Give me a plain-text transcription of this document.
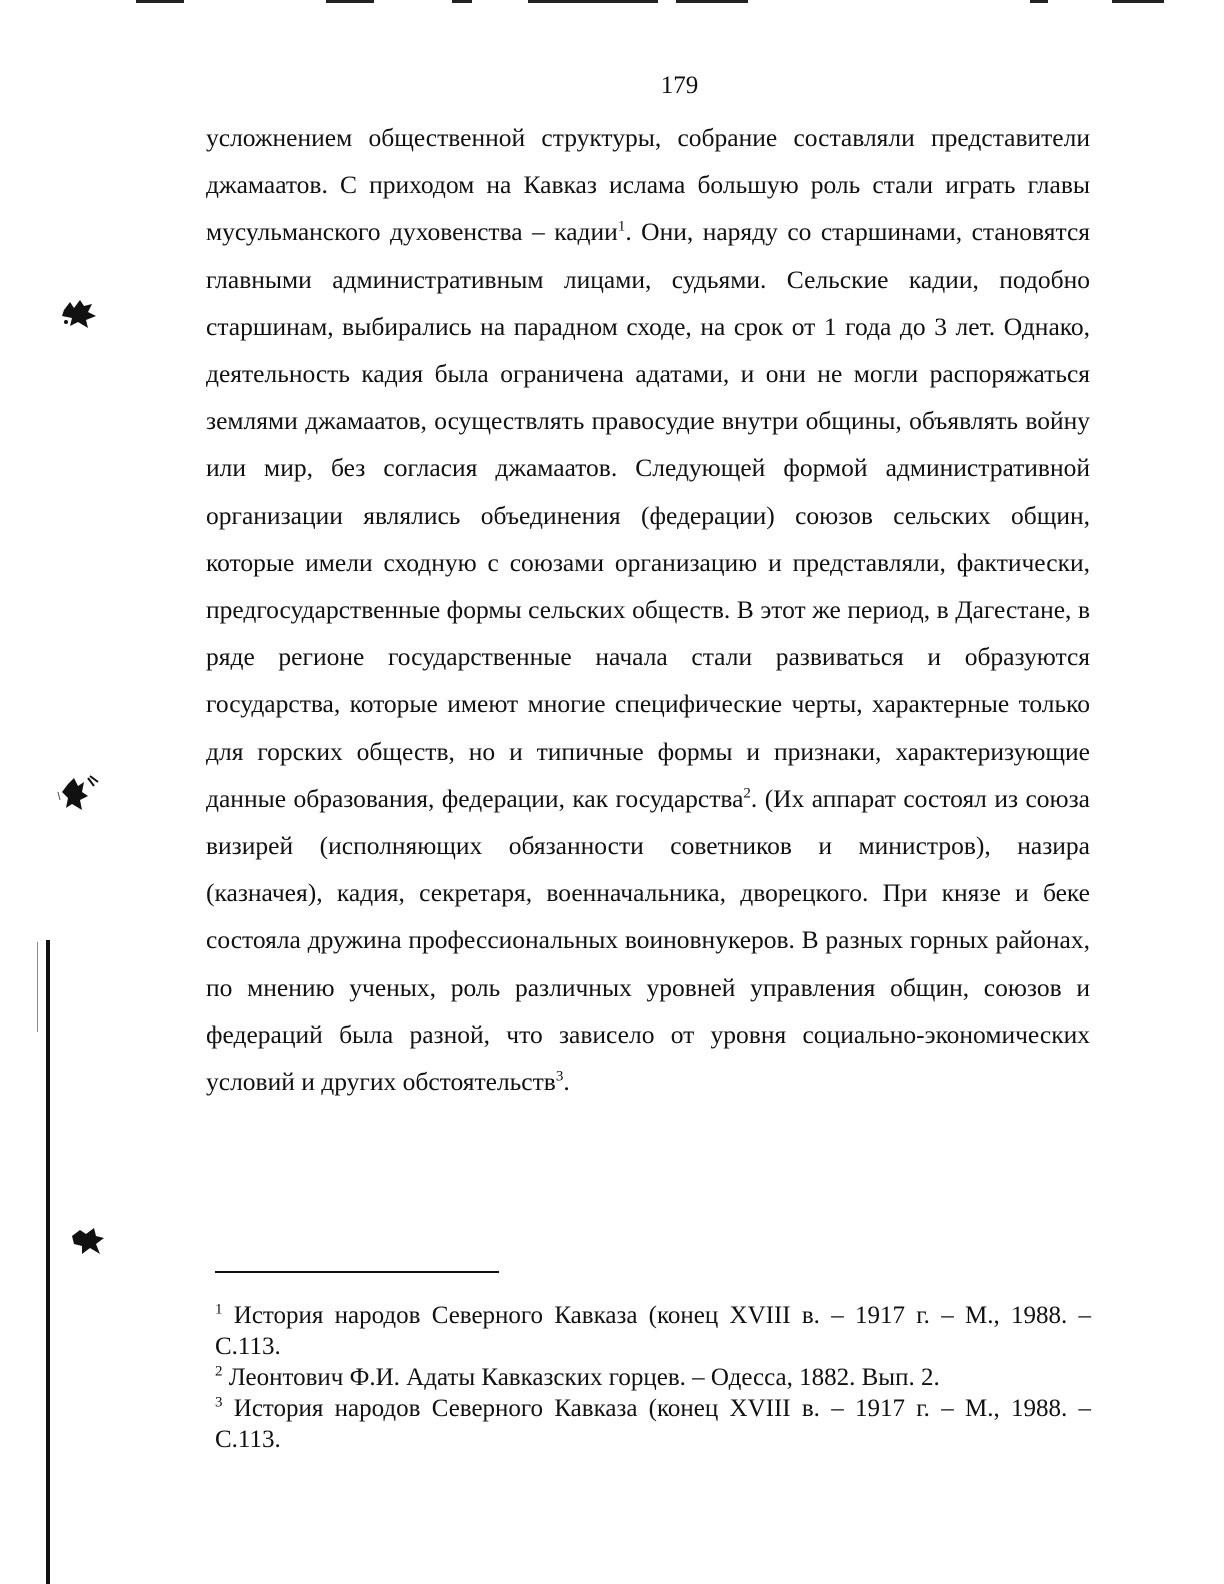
179

усложнением общественной структуры, собрание составляли представители джамаатов. С приходом на Кавказ ислама большую роль стали играть главы мусульманского духовенства – кадии$^1$. Они, наряду со старшинами, становятся главными административным лицами, судьями. Сельские кадии, подобно старшинам, выбирались на парадном сходе, на срок от 1 года до 3 лет. Однако, деятельность кадия была ограничена адатами, и они не могли распоряжаться землями джамаатов, осуществлять правосудие внутри общины, объявлять войну или мир, без согласия джамаатов. Следующей формой административной организации являлись объединения (федерации) союзов сельских общин, которые имели сходную с союзами организацию и представляли, фактически, предгосударственные формы сельских обществ. В этот же период, в Дагестане, в ряде регионе государственные начала стали развиваться и образуются государства, которые имеют многие специфические черты, характерные только для горских обществ, но и типичные формы и признаки, характеризующие данные образования, федерации, как государства$^2$. (Их аппарат состоял из союза визирей (исполняющих обязанности советников и министров), назира (казначея), кадия, секретаря, военначальника, дворецкого. При князе и беке состояла дружина профессиональных воиновнукеров. В разных горных районах, по мнению ученых, роль различных уровней управления общин, союзов и федераций была разной, что зависело от уровня социально-экономических условий и других обстоятельств$^3$.

$^1$ История народов Северного Кавказа (конец XVIII в. – 1917 г. – М., 1988. – С.113.

$^2$ Леонтович Ф.И. Адаты Кавказских горцев. – Одесса, 1882. Вып. 2.

$^3$ История народов Северного Кавказа (конец XVIII в. – 1917 г. – М., 1988. – С.113.
